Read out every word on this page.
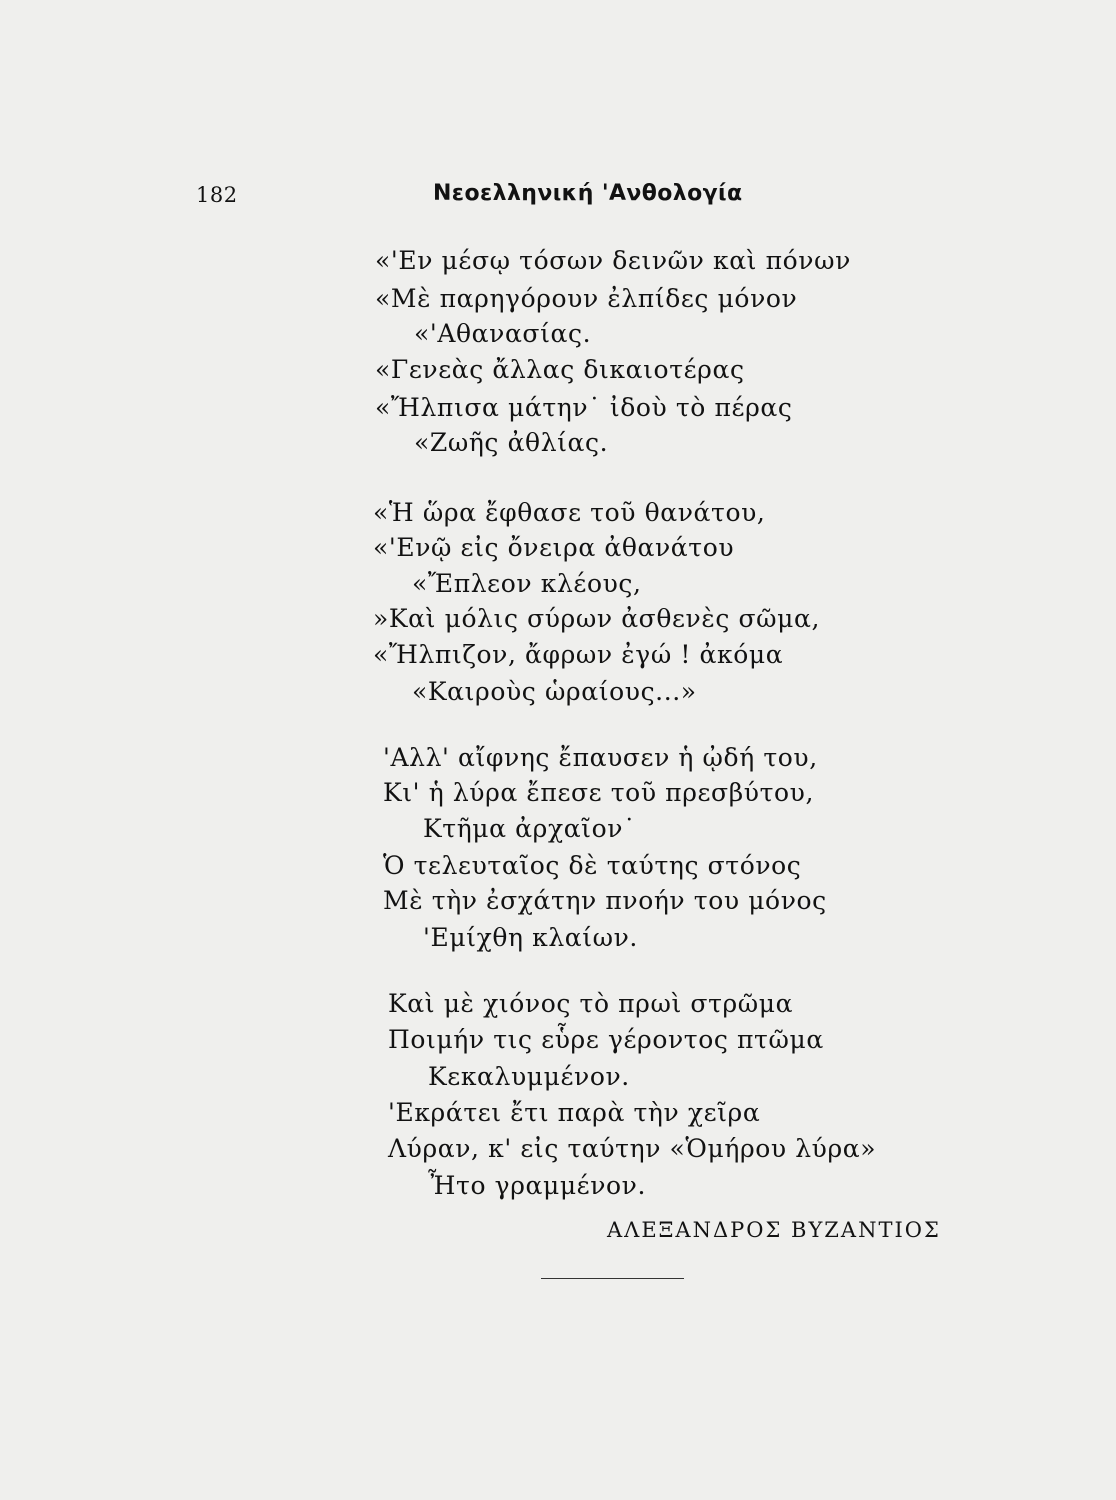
182	Νεοελληνική 'Ανθολογία
«'Εν μέσῳ τόσων δεινῶν καὶ πόνων
«Μὲ παρηγόρουν ἐλπίδες μόνον
«'Αθανασίας.
«Γενεὰς ἄλλας δικαιοτέρας
«Ἤλπισα μάτην˙ ἰδοὺ τὸ πέρας
«Ζωῆς ἀθλίας.
«Ἡ ὥρα ἔφθασε τοῦ θανάτου,
«'Ενῷ εἰς ὄνειρα ἀθανάτου
«Ἔπλεον κλέους,
»Καὶ μόλις σύρων ἀσθενὲς σῶμα,
«Ἤλπιζον, ἄφρων ἐγώ ! ἀκόμα
«Καιροὺς ὡραίους...»
'Αλλ' αἴφνης ἔπαυσεν ἡ ᾠδή του,
Κι' ἡ λύρα ἔπεσε τοῦ πρεσβύτου,
Κτῆμα ἀρχαῖον˙
Ὁ τελευταῖος δὲ ταύτης στόνος
Μὲ τὴν ἐσχάτην πνοήν του μόνος
'Εμίχθη κλαίων.
Καὶ μὲ χιόνος τὸ πρωὶ στρῶμα
Ποιμήν τις εὗρε γέροντος πτῶμα
Κεκαλυμμένον.
'Εκράτει ἔτι παρὰ τὴν χεῖρα
Λύραν, κ' εἰς ταύτην «Ὁμήρου λύρα»
Ἦτο γραμμένον.
ΑΛΕΞΑΝΔΡΟΣ ΒΥΖΑΝΤΙΟΣ
